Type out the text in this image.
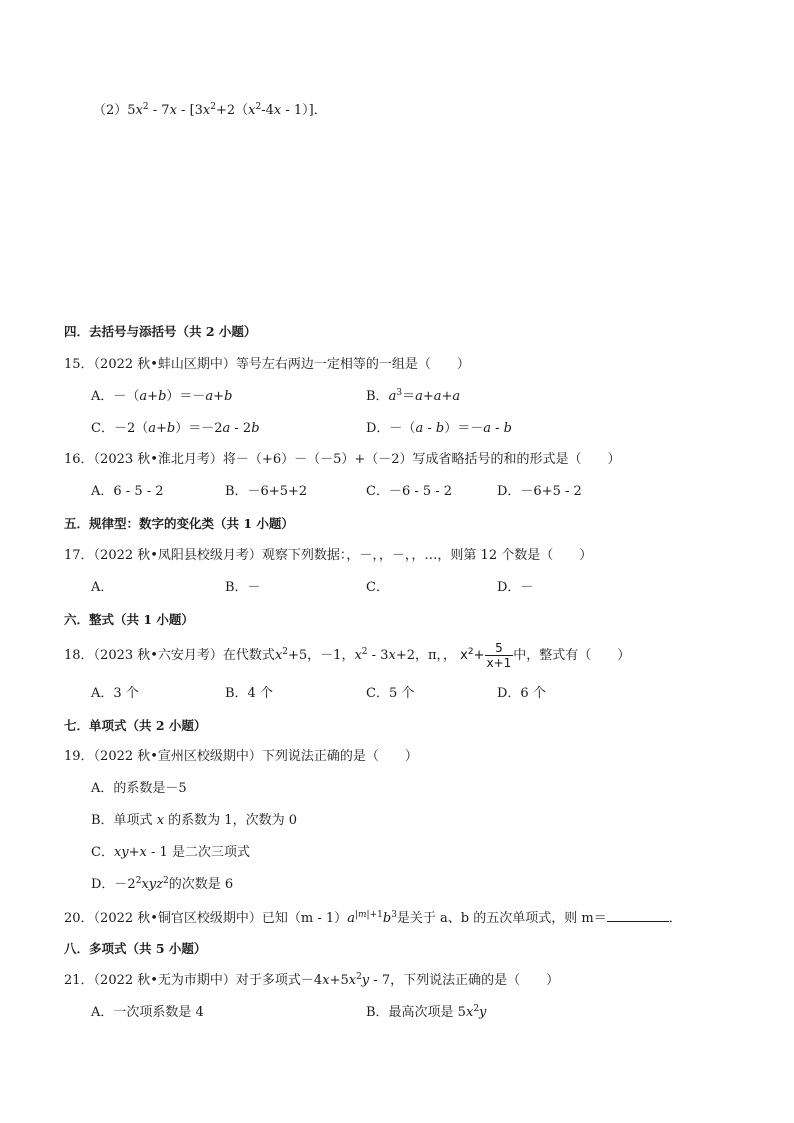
$(2)5x^2 - 7x - [3x^2+2(x^2-4x - 1)]$．
四．去括号与添括号（共 2 小题）
15．（2022 秋•蚌山区期中）等号左右两边一定相等的一组是（　　）
A．－（a+b）＝－a+b	B．$a^3=a+a+a$
C．－2（a+b）＝－2a - 2b	D．－（a - b）＝－a - b
16．（2023 秋•淮北月考）将－（+6）－（－5）+（－2）写成省略括号的和的形式是（　　）
A．6 - 5 - 2	B．－6+5+2	C．－6 - 5 - 2	D．－6+5 - 2
五．规律型：数字的变化类（共 1 小题）
17．（2022 秋•凤阳县校级月考）观察下列数据：，－，，－，，…，则第 12 个数是（　　）
A．	B．－	C．	D．－
六．整式（共 1 小题）
18．（2023 秋•六安月考）在代数式$x^2+5$，－1，$x^2 - 3x+2$，π，， $x^2+ \frac{5}{x+1}$ 中，整式有（　　）
A．3 个	B．4 个	C．5 个	D．6 个
七．单项式（共 2 小题）
19．（2022 秋•宣州区校级期中）下列说法正确的是（　　）
A．的系数是－5
B．单项式 x 的系数为 1，次数为 0
C．xy+x - 1 是二次三项式
D．$-2^2xyz^2$的次数是 6
20．（2022 秋•铜官区校级期中）已知$(m - 1)a^{|m|+1}b^3$是关于 a、b 的五次单项式，则 m＝	．
八．多项式（共 5 小题）
21．（2022 秋•无为市期中）对于多项式$-4x+5x^2y - 7$，下列说法正确的是（　　）
A．一次项系数是 4	B．最高次项是 $5x^2y$
